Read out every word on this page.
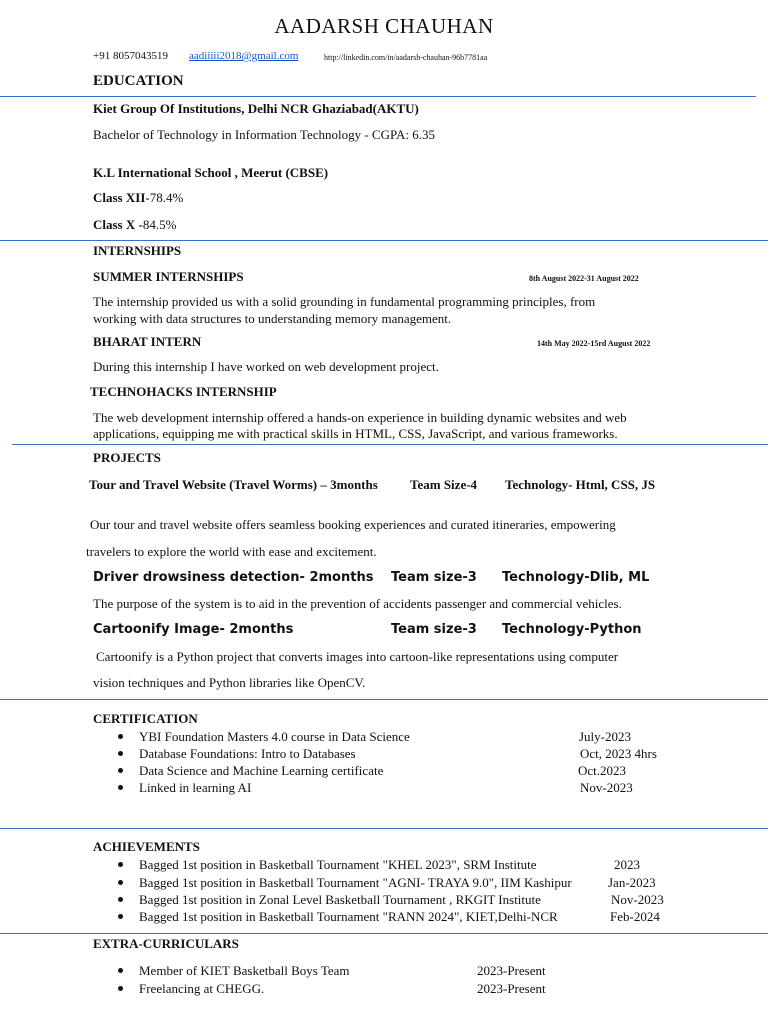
AADARSH CHAUHAN
+91 8057043519 aadiiiii2018@gmail.com	http://linkedin.com/in/aadarsh-chauhan-96b7781aa
EDUCATION
Kiet Group Of Institutions, Delhi NCR Ghaziabad(AKTU)
Bachelor of Technology in Information Technology - CGPA: 6.35
K.L International School , Meerut (CBSE)
Class XII-78.4%
Class X -84.5%
INTERNSHIPS
SUMMER INTERNSHIPS	8th August 2022-31 August 2022
The internship provided us with a solid grounding in fundamental programming principles, from
working with data structures to understanding memory management.
BHARAT INTERN	14th May 2022-15rd August 2022
During this internship I have worked on web development project.
TECHNOHACKS INTERNSHIP
The web development internship offered a hands-on experience in building dynamic websites and web
applications, equipping me with practical skills in HTML, CSS, JavaScript, and various frameworks.
PROJECTS
Tour and Travel Website (Travel Worms) – 3months Team Size-4 Technology- Html, CSS, JS
Our tour and travel website offers seamless booking experiences and curated itineraries, empowering
travelers to explore the world with ease and excitement.
Driver drowsiness detection- 2months Team size-3 Technology-Dlib, ML
The purpose of the system is to aid in the prevention of accidents passenger and commercial vehicles.
Cartoonify Image- 2months	Team size-3 Technology-Python
Cartoonify is a Python project that converts images into cartoon-like representations using computer
vision techniques and Python libraries like OpenCV.
CERTIFICATION
YBI Foundation Masters 4.0 course in Data Science	July-2023
Database Foundations: Intro to Databases	Oct, 2023 4hrs
Data Science and Machine Learning certificate	Oct.2023
Linked in learning AI	Nov-2023
ACHIEVEMENTS
Bagged 1st position in Basketball Tournament "KHEL 2023", SRM Institute	2023
Bagged 1st position in Basketball Tournament "AGNI- TRAYA 9.0", IIM Kashipur	Jan-2023
Bagged 1st position in Zonal Level Basketball Tournament , RKGIT Institute	Nov-2023
Bagged 1st position in Basketball Tournament "RANN 2024", KIET,Delhi-NCR	Feb-2024
EXTRA-CURRICULARS
Member of KIET Basketball Boys Team	2023-Present
Freelancing at CHEGG.	2023-Present
